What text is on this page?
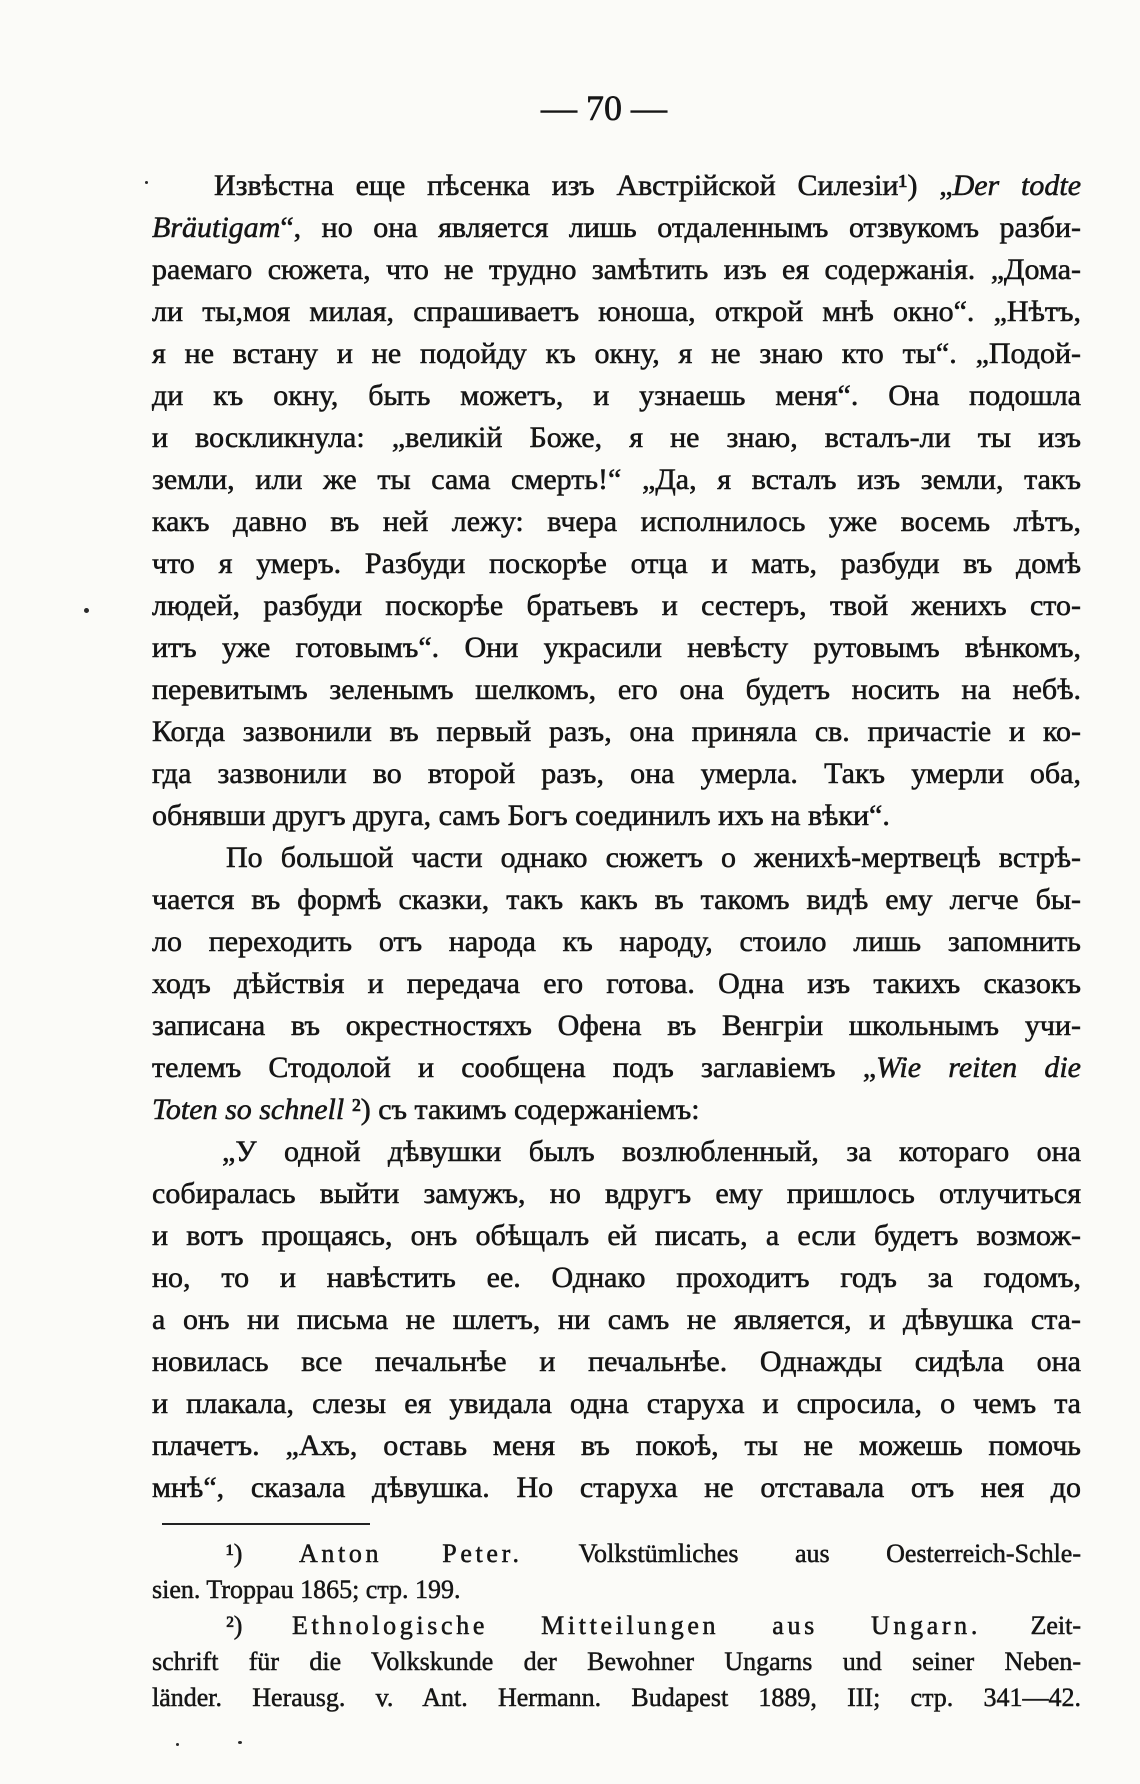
— 70 —
Извѣстна еще пѣсенка изъ Австрійской Силезіи¹) „Der todte
Bräutigam“, но она является лишь отдаленнымъ отзвукомъ разби-
раемаго сюжета, что не трудно замѣтить изъ ея содержанія. „Дома-
ли ты,моя милая, спрашиваетъ юноша, открой мнѣ окно“. „Нѣтъ,
я не встану и не подойду къ окну, я не знаю кто ты“. „Подой-
ди къ окну, быть можетъ, и узнаешь меня“. Она подошла
и воскликнула: „великій Боже, я не знаю, всталъ-ли ты изъ
земли, или же ты сама смерть!“ „Да, я всталъ изъ земли, такъ
какъ давно въ ней лежу: вчера исполнилось уже восемь лѣтъ,
что я умеръ. Разбуди поскорѣе отца и мать, разбуди въ домѣ
людей, разбуди поскорѣе братьевъ и сестеръ, твой женихъ сто-
итъ уже готовымъ“. Они украсили невѣсту рутовымъ вѣнкомъ,
перевитымъ зеленымъ шелкомъ, его она будетъ носить на небѣ.
Когда зазвонили въ первый разъ, она приняла св. причастіе и ко-
гда зазвонили во второй разъ, она умерла. Такъ умерли оба,
обнявши другъ друга, самъ Богъ соединилъ ихъ на вѣки“.
По большой части однако сюжетъ о женихѣ-мертвецѣ встрѣ-
чается въ формѣ сказки, такъ какъ въ такомъ видѣ ему легче бы-
ло переходить отъ народа къ народу, стоило лишь запомнить
ходъ дѣйствія и передача его готова. Одна изъ такихъ сказокъ
записана въ окрестностяхъ Офена въ Венгріи школьнымъ учи-
телемъ Стодолой и сообщена подъ заглавіемъ „Wie reiten die
Toten so schnell ²) съ такимъ содержаніемъ:
„У одной дѣвушки былъ возлюбленный, за котораго она
собиралась выйти замужъ, но вдругъ ему пришлось отлучиться
и вотъ прощаясь, онъ обѣщалъ ей писать, а если будетъ возмож-
но, то и навѣстить ее. Однако проходитъ годъ за годомъ,
а онъ ни письма не шлетъ, ни самъ не является, и дѣвушка ста-
новилась все печальнѣе и печальнѣе. Однажды сидѣла она
и плакала, слезы ея увидала одна старуха и спросила, о чемъ та
плачетъ. „Ахъ, оставь меня въ покоѣ, ты не можешь помочь
мнѣ“, сказала дѣвушка. Но старуха не отставала отъ нея до
¹) Anton Peter. Volkstümliches aus Oesterreich-Schle-
sien. Troppau 1865; стр. 199.
²) Ethnologische Mitteilungen aus Ungarn. Zeit-
schrift für die Volkskunde der Bewohner Ungarns und seiner Neben-
länder. Herausg. v. Ant. Hermann. Budapest 1889, III; стр. 341—42.
